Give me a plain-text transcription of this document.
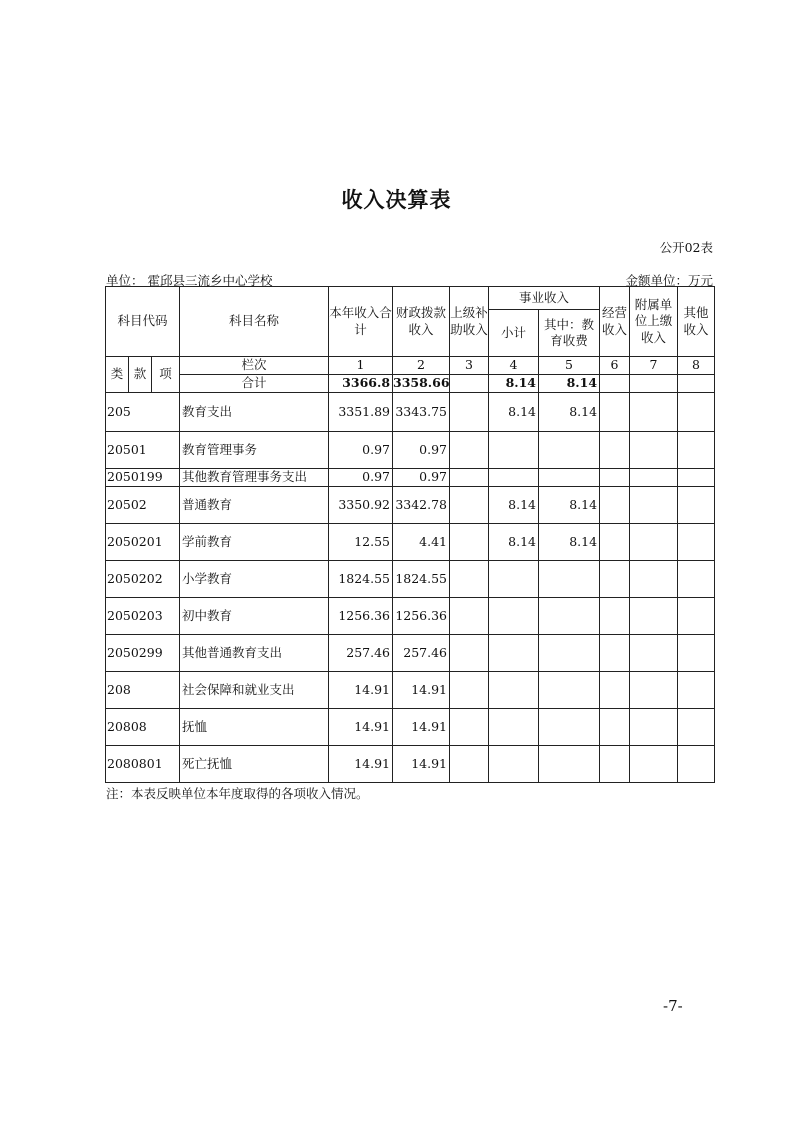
收入决算表
公开02表
单位： 霍邱县三流乡中心学校	金额单位：万元
科目代码			科目名称	本年收入合计	财政拨款收入	上级补助收入	事业收入		经营收入	附属单位上缴收入	其他收入
							小计	其中：教育收费			
类	款	项	栏次	1	2	3	4	5	6	7	8
			合计	3366.8	3358.66		8.14	8.14			
205			教育支出	3351.89	3343.75		8.14	8.14			
20501			教育管理事务	0.97	0.97						
2050199			其他教育管理事务支出	0.97	0.97						
20502			普通教育	3350.92	3342.78		8.14	8.14			
2050201			学前教育	12.55	4.41		8.14	8.14			
2050202			小学教育	1824.55	1824.55						
2050203			初中教育	1256.36	1256.36						
2050299			其他普通教育支出	257.46	257.46						
208			社会保障和就业支出	14.91	14.91						
20808			抚恤	14.91	14.91						
2080801			死亡抚恤	14.91	14.91						
注：本表反映单位本年度取得的各项收入情况。
-7-
